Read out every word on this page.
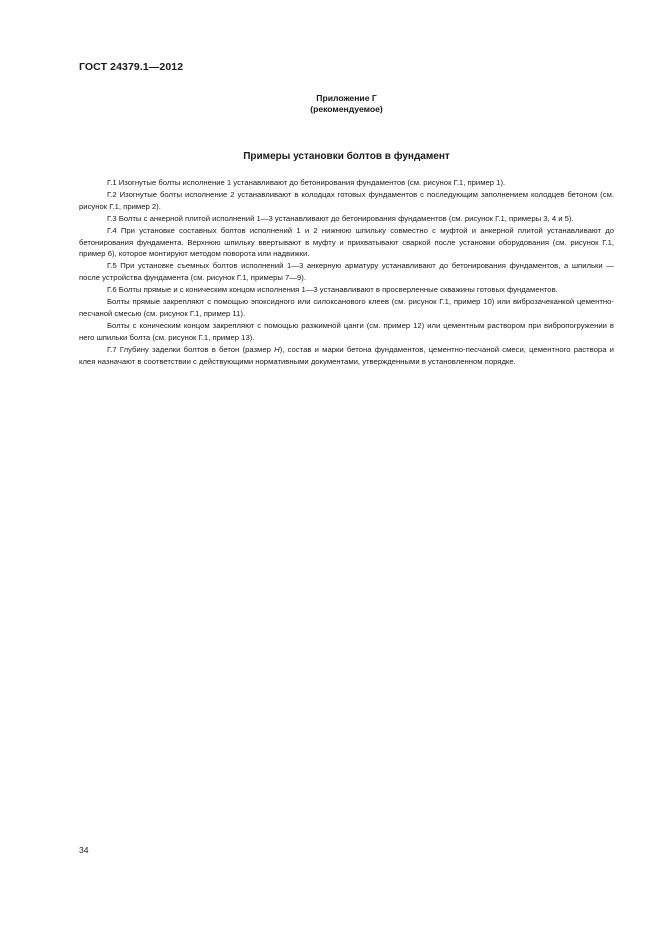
ГОСТ 24379.1—2012
Приложение Г
(рекомендуемое)
Примеры установки болтов в фундамент

Г.1 Изогнутые болты исполнение 1 устанавливают до бетонирования фундаментов (см. рисунок Г.1, пример 1).

Г.2 Изогнутые болты исполнение 2 устанавливают в колодцах готовых фундаментов с последующим заполнением колодцев бетоном (см. рисунок Г.1, пример 2).

Г.3 Болты с анкерной плитой исполнений 1—3 устанавливают до бетонирования фундаментов (см. рисунок Г.1, примеры 3, 4 и 5).

Г.4 При установке составных болтов исполнений 1 и 2 нижнюю шпильку совместно с муфтой и анкерной плитой устанавливают до бетонирования фундамента. Верхнюю шпильку ввертывают в муфту и прихватывают сваркой после установки оборудования (см. рисунок Г.1, пример 6), которое монтируют методом поворота или надвижки.

Г.5 При установке съемных болтов исполнений 1—3 анкерную арматуру устанавливают до бетонирования фундаментов, а шпильки — после устройства фундамента (см. рисунок Г.1, примеры 7—9).

Г.6 Болты прямые и с коническим концом исполнения 1—3 устанавливают в просверленные скважины готовых фундаментов.

Болты прямые закрепляют с помощью эпоксидного или силоксанового клеев (см. рисунок Г.1, пример 10) или виброзачеканкой цементно-песчаной смесью (см. рисунок Г.1, пример 11).

Болты с коническим концом закрепляют с помощью разжимной цанги (см. пример 12) или цементным раствором при вибропогружении в него шпильки болта (см. рисунок Г.1, пример 13).

Г.7 Глубину заделки болтов в бетон (размер H), состав и марки бетона фундаментов, цементно-песчаной смеси, цементного раствора и клея назначают в соответствии с действующими нормативными документами, утвержденными в установленном порядке.

34
